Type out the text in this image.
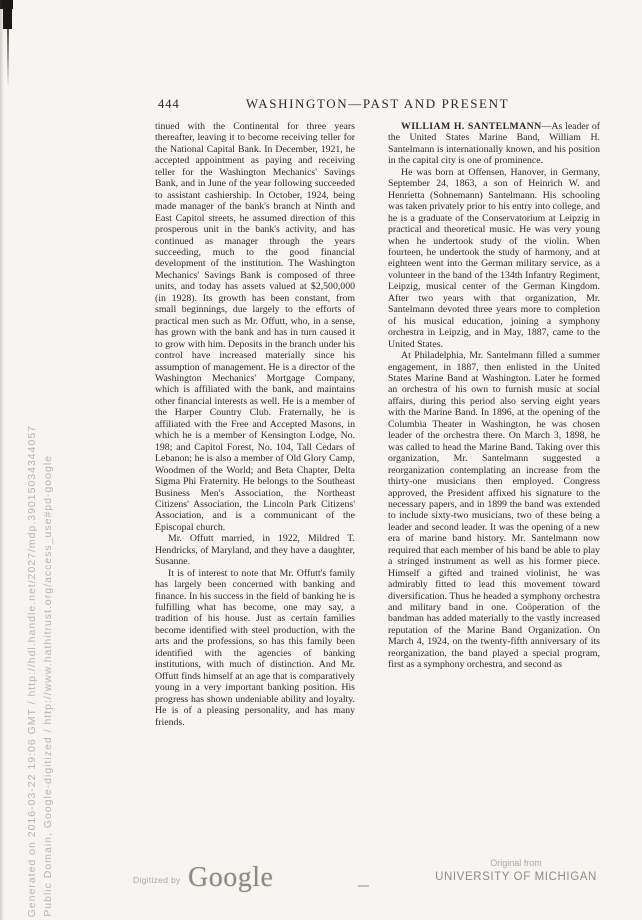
Generated on 2016-03-22 19:06 GMT / http://hdl.handle.net/2027/mdp.39015034344057 Public Domain, Google-digitized / http://www.hathitrust.org/access_use#pd-google
444	WASHINGTON—PAST AND PRESENT

tinued with the Continental for three years thereafter, leaving it to become receiving teller for the National Capital Bank. In December, 1921, he accepted appointment as paying and receiving teller for the Washington Mechanics' Savings Bank, and in June of the year following succeeded to assistant cashiership. In October, 1924, being made manager of the bank's branch at Ninth and East Capitol streets, he assumed direction of this prosperous unit in the bank's activity, and has continued as manager through the years succeeding, much to the good financial development of the institution. The Washington Mechanics' Savings Bank is composed of three units, and today has assets valued at $2,500,000 (in 1928). Its growth has been constant, from small beginnings, due largely to the efforts of practical men such as Mr. Offutt, who, in a sense, has grown with the bank and has in turn caused it to grow with him. Deposits in the branch under his control have increased materially since his assumption of management. He is a director of the Washington Mechanics' Mortgage Company, which is affiliated with the bank, and maintains other financial interests as well. He is a member of the Harper Country Club. Fraternally, he is affiliated with the Free and Accepted Masons, in which he is a member of Kensington Lodge, No. 198; and Capitol Forest, No. 104, Tall Cedars of Lebanon; he is also a member of Old Glory Camp, Woodmen of the World; and Beta Chapter, Delta Sigma Phi Fraternity. He belongs to the Southeast Business Men's Association, the Northeast Citizens' Association, the Lincoln Park Citizens' Association, and is a communicant of the Episcopal church.

Mr. Offutt married, in 1922, Mildred T. Hendricks, of Maryland, and they have a daughter, Susanne.

It is of interest to note that Mr. Offutt's family has largely been concerned with banking and finance. In his success in the field of banking he is fulfilling what has become, one may say, a tradition of his house. Just as certain families become identified with steel production, with the arts and the professions, so has this family been identified with the agencies of banking institutions, with much of distinction. And Mr. Offutt finds himself at an age that is comparatively young in a very important banking position. His progress has shown undeniable ability and loyalty. He is of a pleasing personality, and has many friends.

WILLIAM H. SANTELMANN—As leader of the United States Marine Band, William H. Santelmann is internationally known, and his position in the capital city is one of prominence.

He was born at Offensen, Hanover, in Germany, September 24, 1863, a son of Heinrich W. and Henrietta (Sohnemann) Santelmann. His schooling was taken privately prior to his entry into college, and he is a graduate of the Conservatorium at Leipzig in practical and theoretical music. He was very young when he undertook study of the violin. When fourteen, he undertook the study of harmony, and at eighteen went into the German military service, as a volunteer in the band of the 134th Infantry Regiment, Leipzig, musical center of the German Kingdom. After two years with that organization, Mr. Santelmann devoted three years more to completion of his musical education, joining a symphony orchestra in Leipzig, and in May, 1887, came to the United States.

At Philadelphia, Mr. Santelmann filled a summer engagement, in 1887, then enlisted in the United States Marine Band at Washington. Later he formed an orchestra of his own to furnish music at social affairs, during this period also serving eight years with the Marine Band. In 1896, at the opening of the Columbia Theater in Washington, he was chosen leader of the orchestra there. On March 3, 1898, he was called to head the Marine Band. Taking over this organization, Mr. Santelmann suggested a reorganization contemplating an increase from the thirty-one musicians then employed. Congress approved, the President affixed his signature to the necessary papers, and in 1899 the band was extended to include sixty-two musicians, two of these being a leader and second leader. It was the opening of a new era of marine band history. Mr. Santelmann now required that each member of his band be able to play a stringed instrument as well as his former piece. Himself a gifted and trained violinist, he was admirably fitted to lead this movement toward diversification. Thus he headed a symphony orchestra and military band in one. Coöperation of the bandman has added materially to the vastly increased reputation of the Marine Band Organization. On March 4, 1924, on the twenty-fifth anniversary of its reorganization, the band played a special program, first as a symphony orchestra, and second as

Digitized by Google	Original from
UNIVERSITY OF MICHIGAN
